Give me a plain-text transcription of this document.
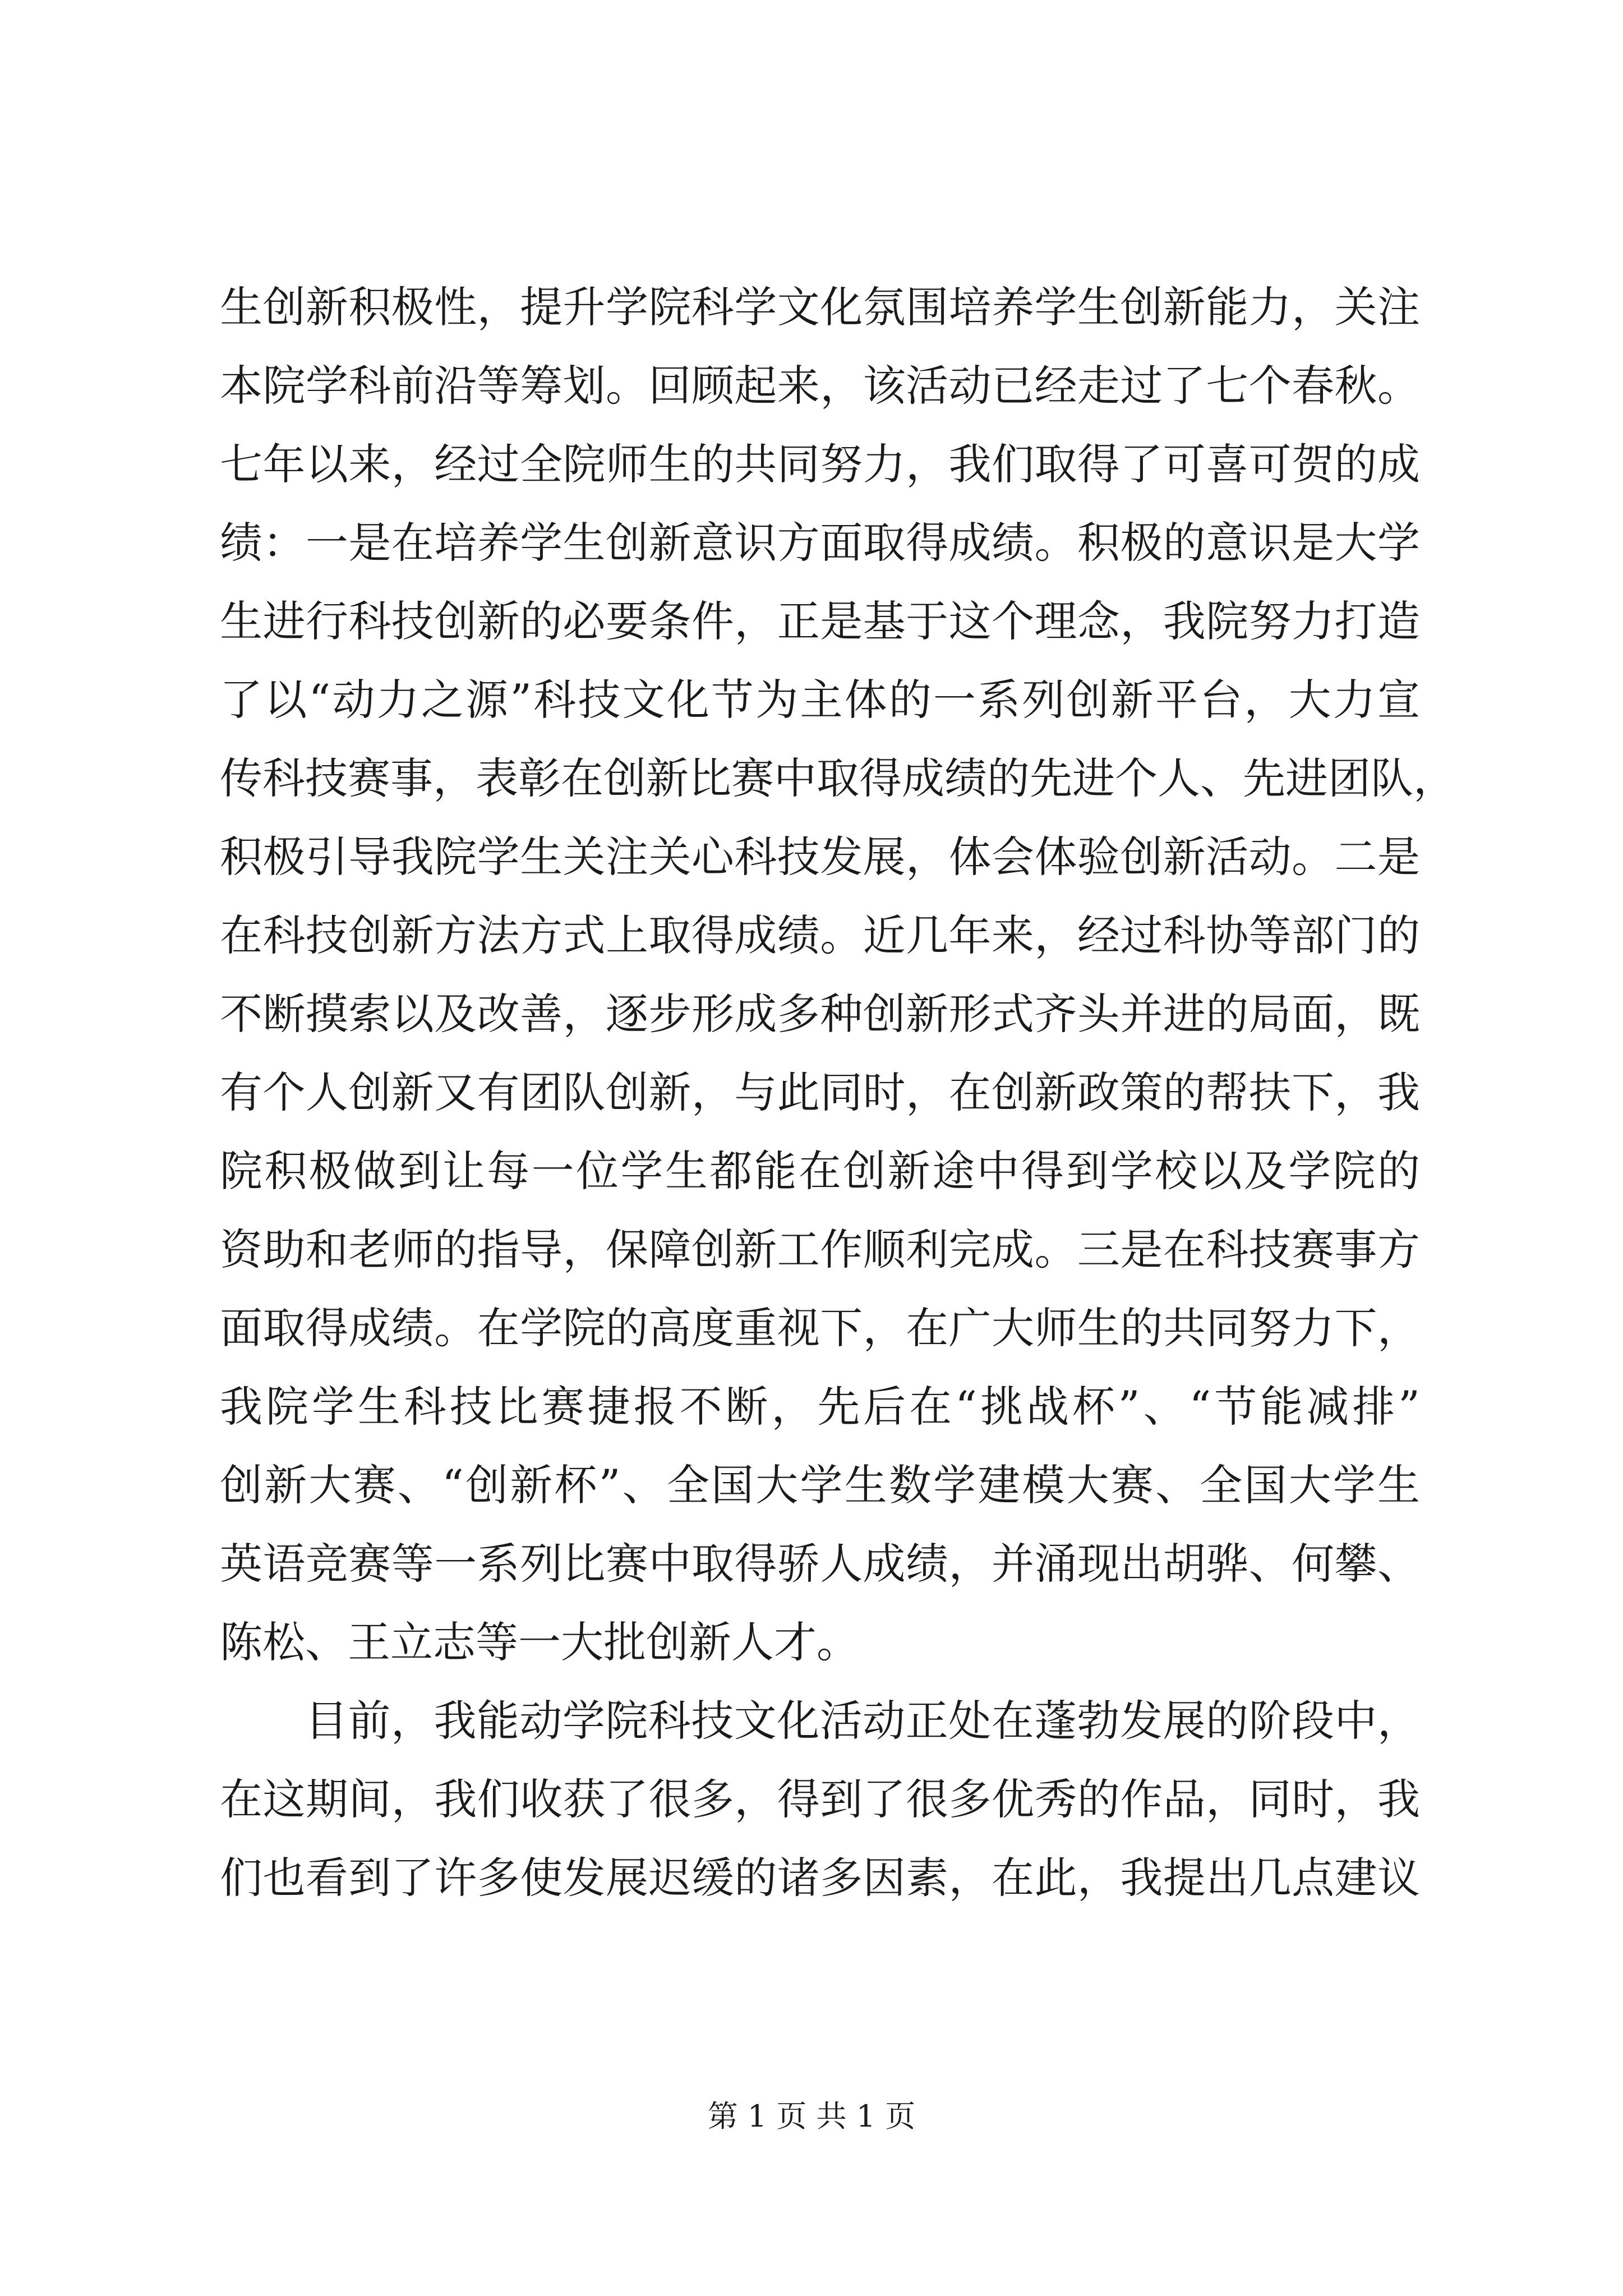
生创新积极性，提升学院科学文化氛围培养学生创新能力，关注
本院学科前沿等筹划。回顾起来，该活动已经走过了七个春秋。
七年以来，经过全院师生的共同努力，我们取得了可喜可贺的成
绩：一是在培养学生创新意识方面取得成绩。积极的意识是大学
生进行科技创新的必要条件，正是基于这个理念，我院努力打造
了以“动力之源”科技文化节为主体的一系列创新平台，大力宣
传科技赛事，表彰在创新比赛中取得成绩的先进个人、先进团队，
积极引导我院学生关注关心科技发展，体会体验创新活动。二是
在科技创新方法方式上取得成绩。近几年来，经过科协等部门的
不断摸索以及改善，逐步形成多种创新形式齐头并进的局面，既
有个人创新又有团队创新，与此同时，在创新政策的帮扶下，我
院积极做到让每一位学生都能在创新途中得到学校以及学院的
资助和老师的指导，保障创新工作顺利完成。三是在科技赛事方
面取得成绩。在学院的高度重视下，在广大师生的共同努力下，
我院学生科技比赛捷报不断，先后在“挑战杯”、“节能减排”
创新大赛、“创新杯”、全国大学生数学建模大赛、全国大学生
英语竞赛等一系列比赛中取得骄人成绩，并涌现出胡骅、何攀、
陈松、王立志等一大批创新人才。
目前，我能动学院科技文化活动正处在蓬勃发展的阶段中，
在这期间，我们收获了很多，得到了很多优秀的作品，同时，我
们也看到了许多使发展迟缓的诸多因素，在此，我提出几点建议
第 1 页 共 1 页
